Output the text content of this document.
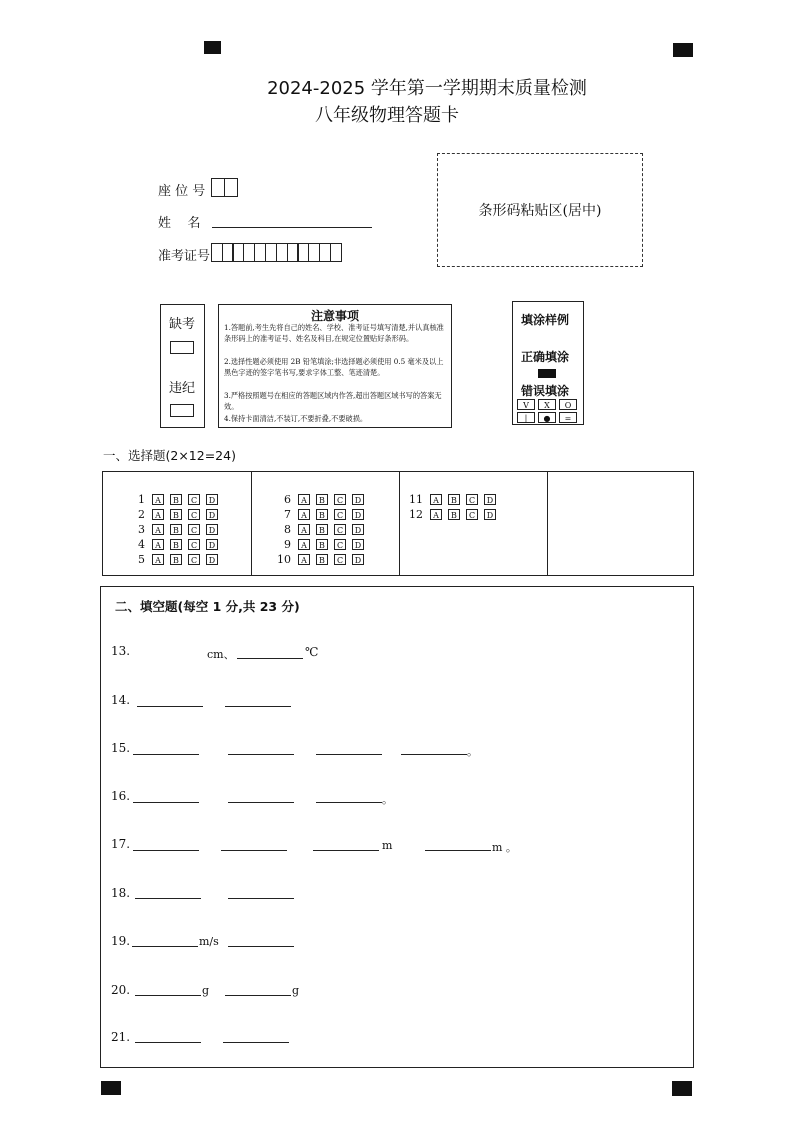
2024-2025 学年第一学期期末质量检测
八年级物理答题卡
座 位 号
姓    名
准考证号
条形码粘贴区(居中)
缺考
违纪
注意事项
1.答题前,考生先将自己的姓名、学校、准考证号填写清楚,并认真核准条形码上的准考证号、姓名及科目,在规定位置贴好条形码。
2.选择性题必须使用 2B 铅笔填涂;非选择题必须使用 0.5 毫米及以上黑色字迹的签字笔书写,要求字体工整、笔迹清楚。
3.严格按照题号在相应的答题区域内作答,超出答题区域书写的答案无效。
4.保持卡面清洁,不装订,不要折叠,不要破损。
填涂样例
正确填涂
错误填涂
V	X	O
|	●	=
一、选择题(2×12=24)
1	A	B	C	D
2	A	B	C	D
3	A	B	C	D
4	A	B	C	D
5	A	B	C	D
6	A	B	C	D
7	A	B	C	D
8	A	B	C	D
9	A	B	C	D
10	A	B	C	D
11	A	B	C	D
12	A	B	C	D
二、填空题(每空 1 分,共 23 分)
13.	cm、	℃
14.
15.	。
16.	。
17.	m	m 。
18.
19.	m/s
20.	g	g
21.
